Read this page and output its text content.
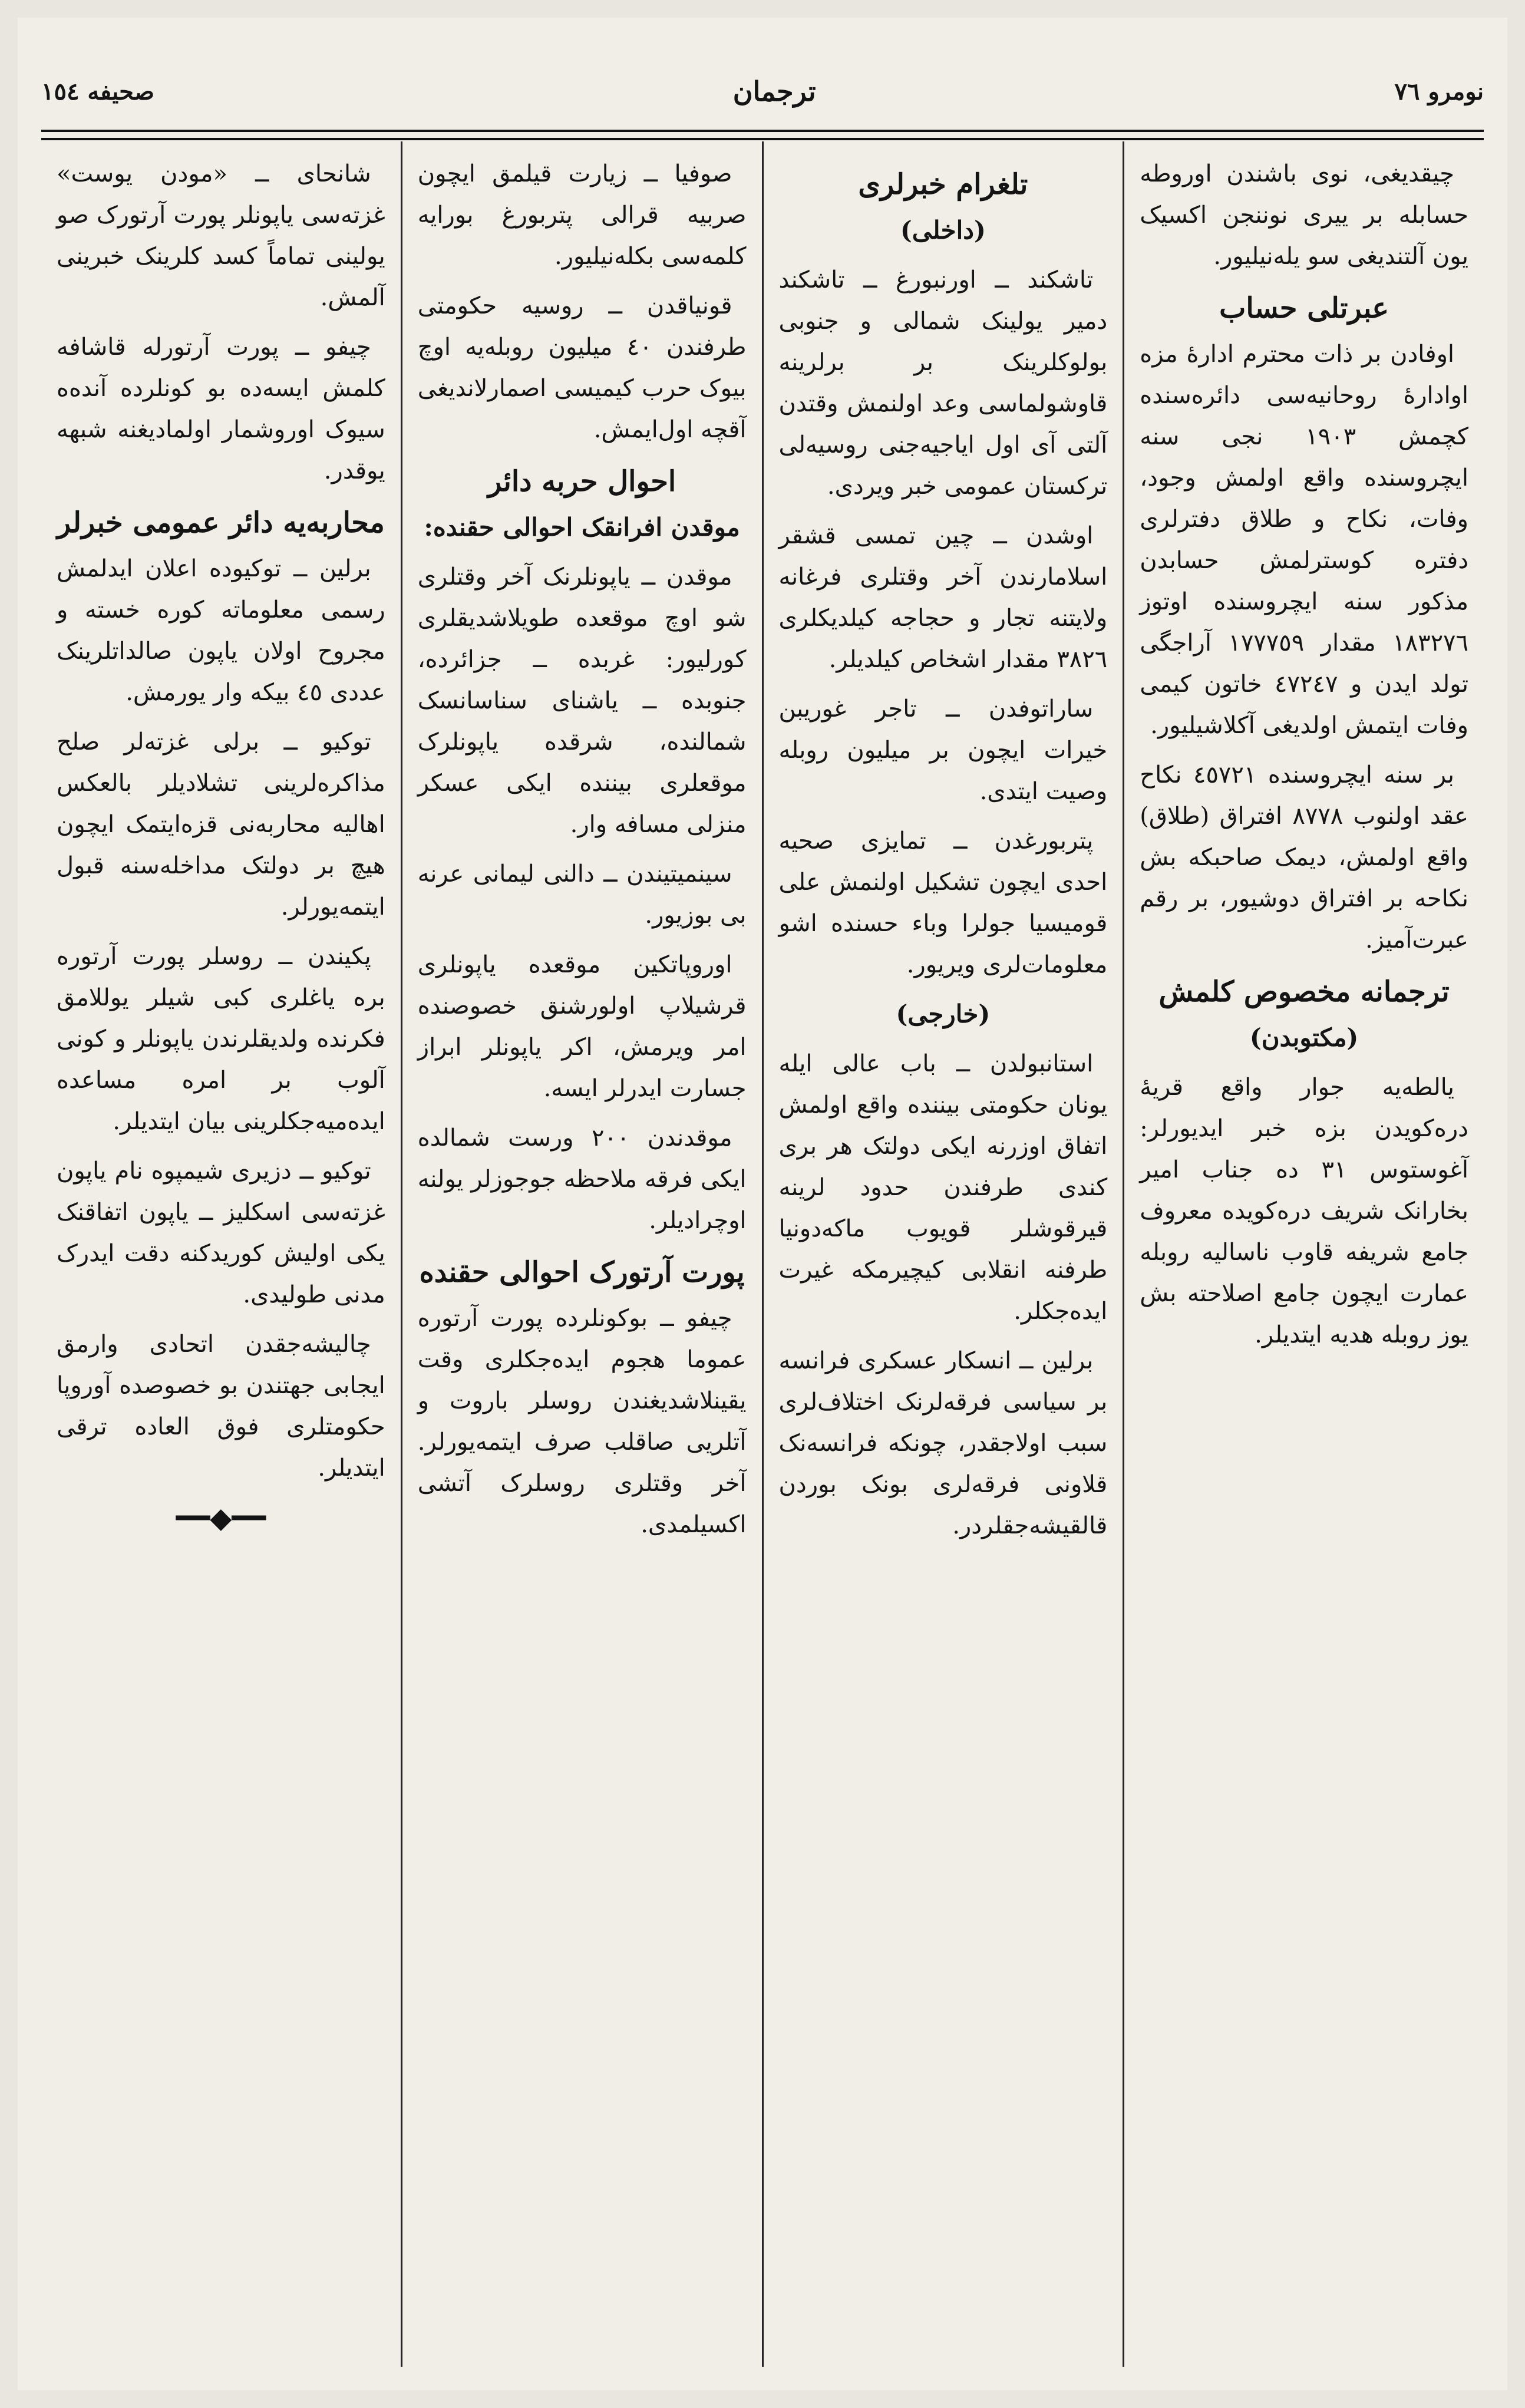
نومرو ٧٦
ترجمان
صحیفه ١٥٤

چیقدیغی، نوی باشندن اوروطه حسابله بر ییری نوننجن اکسیک یون آلتندیغی سو یله‌نیلیور.

عبرتلی حساب

اوفادن بر ذات محترم ادارهٔ مزه اوادارهٔ روحانیه‌سی دائره‌سنده کچمش ١٩٠٣ نجی سنه ایچرو‌سنده واقع اولمش وجود، وفات، نکاح و طلاق دفترلری دفتره کوسترلمش حسابدن مذکور سنه ایچروسنده اوتوز ١٨٣٢٧٦ مقدار ١٧٧٧٥٩ آراجگی تولد ایدن و ٤٧٢٤٧ خاتون کیمی وفات ایتمش اولدیغی آکلاشیلیور.

بر سنه ایچروسنده ٤٥٧٢١ نکاح عقد اولنوب ٨٧٧٨ افتراق (طلاق) واقع اولمش، دیمک صاحبکه بش نکاحه بر افتراق دوشیور، بر رقم عبرت‌آمیز.

ترجمانه مخصوص کلمش
(مکتوبدن)

یالطه‌یه جوار واقع قریهٔ دره‌کویدن بزه خبر ایدیورلر: آغوستوس ٣١ ده جناب امیر بخارانک شریف دره‌کویده معروف جامع شریفه قاوب ناسالیه روبله عمارت ایچون جامع اصلاحته بش یوز روبله هدیه ایتدیلر.

تلغرام خبرلری
(داخلی)

تاشکند ــ اورنبورغ ــ تاشکند دمیر یولینک شمالی و جنوبی بولوکلرینک بر برلرینه قاوشولماسی وعد اولنمش وقتدن آلتی آی اول ایاجیه‌جنی روسیه‌لی ترکستان عمومی خبر ویردی.

اوشدن ــ چین تمسی قشقر اسلامارندن آخر وقتلری فرغانه ولایتنه تجار و حجاجه کیلدیکلری ٣٨٢٦ مقدار اشخاص کیلدیلر.

ساراتوفدن ــ تاجر غوریبن خیرات ایچون بر میلیون روبله وصیت ایتدی.

پتربورغدن ــ تمایزی صحیه احدی ایچون تشکیل اولنمش علی قومیسیا جولرا وباء حسنده اشو معلومات‌لری ویریور.

(خارجی)

استانبولدن ــ باب عالی ایله یونان حکومتی بیننده واقع اولمش اتفاق اوزرنه ایکی دولتک هر بری کندی طرفندن حدود لرینه قیرقوشلر قویوب ماکه‌دونیا طرفنه انقلابی کیچیرمکه غیرت ایده‌جکلر.

برلین ــ انسکار عسکری فرانسه بر سیاسی فرقه‌لرنک اختلاف‌لری سبب اولاجقدر، چونکه فرانسه‌نک قلاونی فرقه‌لری بونک بوردن قالقیشه‌جقلردر.

صوفیا ــ زیارت قیلمق ایچون صربیه قرالی پتربورغ بورایه کلمه‌سی بکله‌نیلیور.

قونیاقدن ــ روسیه حکومتی طرفندن ٤٠ میلیون روبله‌یه اوچ بیوک حرب کیمیسی اصمارلاندیغی آقچه اول‌ایمش.

احوال حربه دائر
موقدن افرانقک احوالی حقنده:

موقدن ــ یاپونلرنک آخر وقتلری شو اوچ موقعده طویلاشدیقلری کورلیور: غربده ــ جزائرده، جنوبده ــ یاشنای سناسانسک شمالنده، شرقده یاپونلرک موقعلری بیننده ایکی عسکر منزلی مسافه وار.

سینمیتیندن ــ دالنی لیمانی عرنه بی بوزیور.

اوروپاتکین موقعده یاپونلری قرشیلاپ اولورشنق خصوصنده امر ویرمش، اکر یاپونلر ابراز جسارت ایدرلر ایسه.

موقدندن ٢٠٠ ورست شمالده ایکی فرقه ملاحظه جوجوزلر یولنه اوچرادیلر.

پورت آرتورک احوالی حقنده

چیفو ــ بوکونلرده پورت آرتوره عموما هجوم ایده‌جکلری وقت یقینلاشدیغندن روسلر باروت و آتلریی صاقلب صرف ایتمه‌یورلر. آخر وقتلری روسلرک آتشی اکسیلمدی.

شانحای ــ «مودن یوست» غزته‌سی یاپونلر پورت آرتورک صو یولینی تماماً کسد کلرینک خبرینی آلمش.

چیفو ــ پورت آرتورله قاشافه کلمش ایسه‌ده بو کونلرده آنده‌ه سیوک اوروشمار اولمادیغنه شبهه یوقدر.

محاربه‌یه دائر عمومی خبرلر

برلین ــ توکیوده اعلان ایدلمش رسمی معلوماته کوره خسته و مجروح اولان یاپون صالداتلرینک عددی ٤٥ بیکه وار یورمش.

توکیو ــ برلی غزته‌لر صلح مذاکره‌لرینی تشلادیلر بالعکس اهالیه محاربه‌نی قزه‌ایتمک ایچون هیچ بر دولتک مداخله‌سنه قبول ایتمه‌یورلر.

پکیندن ــ روسلر پورت آرتوره بره یاغلری کبی شیلر یوللامق فکرنده ولدیقلرندن یاپونلر و کونی آلوب بر امره مساعده ایده‌میه‌جکلرینی بیان ایتدیلر.

توکیو ــ دزیری شیمپوه نام یاپون غزته‌سی اسکلیز ــ یاپون اتفاقنک یکی اولیش کوریدکنه دقت ایدرک مدنی طولیدی.

چالیشه‌جقدن اتحادی وارمق ایجابی جهتندن بو خصوصده آوروپا حکومتلری فوق العاده ترقی ایتدیلر.

━━◆━━
